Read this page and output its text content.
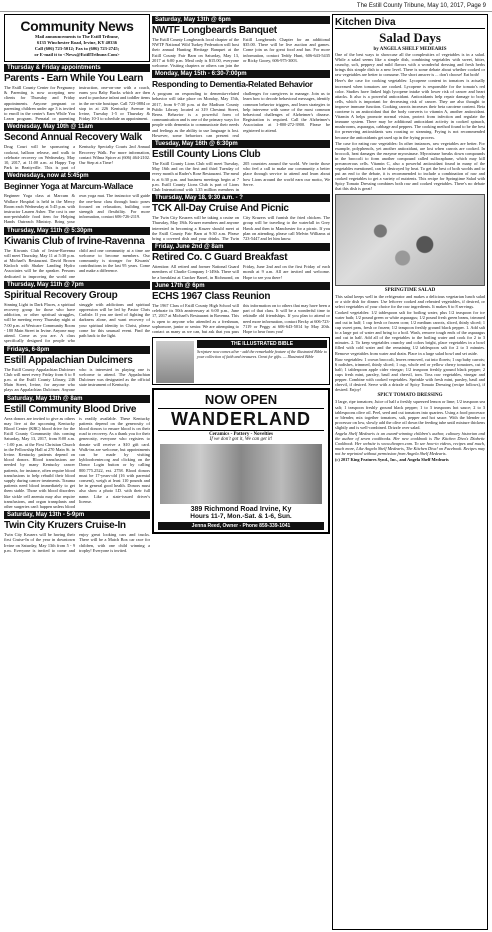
The Estill County Tribune, May 10, 2017, Page 9
Community News

Mail announcements to The Estill Tribune,

6135 Winchester Road, Irvine, KY 40336

Call (606) 723-5012; Fax to (606) 723-2745;

or E-mail it to <News@EstillTribune.Com>

Thursday & Friday appointments
Parents - Earn While You Learn
The Estill County Center for Pregnancy & Parenting is now accepting new clients for Thursday and Friday appointments. Anyone pregnant or parenting children under age 3 is invited to enroll in the center's Earn While You Learn program. Prenatal or parenting instruction, one-on-one with a coach, earns you Baby Bucks which are then used to purchase infant and toddler items in the on-site boutique. Call 723-0884 or stop in at 226 Kentucky Avenue in Irvine, Tuesday 1-5 or Thursday & Friday 10-3 to schedule an appointment.
Wednesday, May 10th @ 11am
Second Annual Recovery Walk
Drug Court will be sponsoring a cookout, balloon release, and walk to celebrate recovery on Wednesday, May 10, 2017, at 11:00 a.m. at Happy Top Park in Beattyville. This is part of Kentucky Specialty Courts 2nd Annual Recovery Walk. For more information, contact Wilma Spicer at (606) 464-2102. Our Step at a Time!
Wednesdays, now at 5:45pm
Beginner Yoga at Marcum-Wallace
Beginner Yoga class at Marcum & Wallace Hospital is held in the Mercy Room each Wednesday at 5:45 p.m. with instructor Lauren Asher. The cost is one non-perishable food item for Helping Hands Outreach Ministry. Bring your own yoga mat. The instructor will guide the one-hour class through basic poses focused on relaxation, building core strength and flexibility. For more information, contact 606-726-2119.
Thursday, May 11th @ 5:30pm
Kiwanis Club of Irvine-Ravenna
The Kiwanis Club of Irvine-Ravenna will meet Thursday, May 11 at 5:30 p.m. at Michael's Restaurant. David Brown Kinloch with Shaker Landing Hydro Associates will be the speaker. Persons dedicated to improving the world one child and one community at a time are welcome to become members. Our community is stronger for Kiwanis' contributions in the last 95 years. Come and make a difference.
Thursday, May 11th @ 7pm
Spiritual Recovery Group
Sinning Light in Dark Places, a spiritual recovery group for those who have addiction, or other spiritual struggles, will be meeting every Thursday night at 7:00 p.m. at Westcare Community Room - 180 Main Street in Irvine. Anyone may attend. Come as you are. A class specifically designed for people who struggle with addictions and spiritual oppression will be led by Pastor Chris Carlisle. If you are tired of fighting the darkness alone, and want recovery of your spiritual identity in Christ, please come for this unusual event. Find the path back to the light.
Fridays, 6-8pm
Estill Appalachian Dulcimers
The Estill County Appalachian Dulcimer Club will meet every Friday from 6 to 8 p.m. at the Estill County Library, 246 Main Street, Irvine, for anyone who plays an Appalachian Dulcimer. Anyone who is interested in playing one is welcome to attend. The Appalachian Dulcimer was designated as the official state instrument of Kentucky.
Saturday, May 13th @ 8am
Estill Community Blood Drive
Area donors are invited to give as others may live at the upcoming Kentucky Blood Center (KBC) blood drive for the Estill County Community this coming Saturday, May 13, 2017, from 8:00 a.m. - 1:00 p.m. at the First Christian Church in the Fellowship Hall at 270 Main St. in Irvine. Kentucky patients depend on blood donors. Blood transfusions are needed by many Kentucky cancer patients, for instance, often require blood transfusions to help rebuild their blood supply during cancer treatments. Trauma patients need blood immediately to get them stable. Those with blood disorders like sickle cell anemia may also require transfusions, and organ transplants and other surgeries can't happen unless blood is readily available. These Kentucky patients depend on the generosity of blood donors to ensure blood is on their road to recovery. As a thank you for their generosity, everyone who registers to donate will receive a $10 gift card. Walk-ins are welcome, but appointments can be made by visiting kybloodcenter.org and clicking on the Donor Login button or by calling 800.775.2522, ext. 2758. Blood donors must be 17-years-old (16 with parental consent), weigh at least 110 pounds and be in general good health. Donors must also show a photo I.D. with their full name. Like a state-issued driver's license.
Saturday, May 13th - 5-9pm
Twin City Kruzers Cruise-In
Twin City Kruzers will be having their first Cruise-In of the year in downtown Irvine on Saturday, May 13th from 5 - 9 p.m. Everyone is invited to come and enjoy great looking cars and trucks. There will be a Match Box car race for children, with one child winning a trophy! Everyone is invited.
Saturday, May 13th @ 6pm
NWTF Longbeards Banquet
The Estill County Longbeards local chapter of the NWTF National Wild Turkey Federation will host their annual Hunting Heritage Banquet at the Estill County Fair Barn on Saturday, May 13, 2017 at 6:00 p.m. Meal only is $15.00, everyone welcome. Visiting chapters or others can join the Estill Longbeards Chapter for an additional $35.00. There will be live auction and games. Come join us for great food and fun. For more information, contact Teddy Hunt, 606-643-5435 or Ricky Gooey, 606-975-3003.
Monday, May 15th - 6:30-7:00pm
Responding to Dementia-Related Behavior
A program on responding to dementia-related behavior will take place on Monday, May 15th, 2017, from 6-7:30 p.m. at the Madison County Public Library located at 319 Chestnut Street, Berea. Behavior is a powerful form of communication and is one of the primary ways for people with dementia to communicate their needs and feelings as the ability to use language is lost. However, some behaviors can present real challenges for caregivers to manage. Join us to learn how to decode behavioral messages, identify common behavior triggers, and learn strategies to help intervene with some of the most common behavioral challenges of Alzheimer's disease. Registration is required. Call the Alzheimer's Association at 1-800-272-3900. Please be registered to attend.
Tuesday, May 16th @ 6:30pm
Estill County Lions Club
The Estill County Lions Club will meet Tuesday, May 16th and on the first and third Tuesday of every month at Rader's Rose Restaurant. The meal is at 6:30 p.m. and business meetings begin at 7 p.m. Estill County Lions Club is part of Lions Club International with 1.35 million members in 205 countries around the world. We invite those who feel a call to make our community a better place through service to attend and learn about how Lions around the world earn our motto, We Serve.
Thursday, May 18, 9:30 a.m. - ?
TCK All-Day Cruise And Picnic
The Twin City Kruzers will be taking a cruise on Thursday, May 18th. Kruzer members and anyone interested in becoming a Kruzer should meet at the Estill County Fair Barn at 9:30 a.m. Please bring a covered dish and your drinks. The Twin City Kruzers will furnish the fried chicken. The group will be traveling to the waterfall in Grey Hawk and then to Manchester for a picnic. If you plan on attending, please call Melvin Williams at 723-5447 and let him know.
Friday, June 2nd @ 8am
Retired Co. C Guard Breakfast
Attention: All retired and former National Guard members of Charlie Company 1-149th. There will be a breakfast at Cracker Barrel, in Richmond, on Friday, June 2nd and on the first Friday of each month at 9 a.m. All are invited and welcome. Hope to see you there!
June 17th @ 6pm
ECHS 1967 Class Reunion
The 1967 Class of Estill County High School will celebrate its 50th anniversary at 6:00 p.m., June 17, 2017 at Michael's Restaurant in Ravenna. This is open to anyone who attended as a freshman, sophomore, junior or senior. We are attempting to contact as many as we can, but ask that you pass this information on to others that may have been a part of that class. It will be a wonderful time to rekindle old friendships. If you plan to attend or need more information, contact Becky at 606-723-7119 or Peggy at 606-643-5014 by May 20th. Hope to hear from you!
THE ILLUSTRATED BIBLE
Scripture now comes alive - add the remarkable feature of the illustrated Bible to your collection of faith and treasures. Great for gifts. — Illustrated Bible
NOW OPEN
WANDERLAND
Ceramics - Pottery - Novelties
If we don't got it, We can get it!
389 Richmond Road Irvine, Ky
Hours 11-7, Mon.-Sat. & 1-6, Sun.
Jenna Reed, Owner - Phone 859-339-1041
Kitchen Diva
Salad Days
by ANGELA SHELF MEDEARIS

One of the best ways to showcase all the complexities of vegetables is in a salad. While a salad seems like a simple dish, combining vegetables with sweet, bitter, crunchy, soft, peppery and mild flavors with a wonderful dressing and fresh herbs brings this simple dish to a new level. There is some debate about whether cooked or raw vegetables are better to consume. The short answer is ... don't choose! Eat both!

Here's the case for cooking vegetables: Lycopene content in tomatoes is actually increased when tomatoes are cooked. Lycopene is responsible for the tomato's red color. Studies have linked high lycopene intake with lower risk of cancer and heart attacks. It also is a powerful antioxidant. Antioxidants help repair damage to body cells, which is important for decreasing risk of cancer. They are also thought to improve immune function. Cooking carrots increases their beta carotene content. Beta carotene is an antioxidant that the body converts to vitamin A, another antioxidant. Vitamin A helps promote normal vision, protect from infection and regulate the immune system. There may be additional antioxidant activity in cooked spinach, mushrooms, asparagus, cabbage and peppers. The cooking method found to be the best for preserving antioxidants was roasting or steaming. Frying is not recommended because the antioxidants get used up in the frying process.

The case for eating raw vegetables: In other instances, raw vegetables are better. For example, polyphenols, yet another antioxidant, are lost when carrots are cooked. In broccoli, heat damages the enzyme myrosinase. Myrosinase breaks down compounds in the broccoli to form another compound called sulforaphane, which may kill precancerous cells. Vitamin C, also a powerful antioxidant found in many of the vegetables mentioned, can be destroyed by heat. To get the best of both worlds and to put an end to the debate, it is recommended to include a combination of raw and cooked vegetables to get a variety of nutrients. This recipe for Springtime Salad with Spicy Tomato Dressing combines both raw and cooked vegetables. There's no debate that this dish is great!

SPRINGTIME SALAD

This salad keeps well in the refrigerator and makes a delicious vegetarian lunch salad or a side dish for dinner. Use leftover cooked and reheated vegetables, if desired, or select vegetables of your choice for the raw ingredients. It makes 6 to 8 servings.

Cooked vegetables: 1/2 tablespoon salt for boiling water, plus 1/2 teaspoon for ice water bath; 1/2 pound green or white asparagus; 1/2 pound fresh green beans, trimmed and cut in half; 1 cup fresh or frozen corn; 1/2 medium carrots, sliced, thinly sliced; 1 cup sweet peas, fresh or frozen; 1/2 teaspoon freshly ground black pepper. 1. Add salt to a large pot of water and bring to a boil. Wash, remove tough ends of the asparagus and cut in half. Add all of the vegetables to the boiling water and cook for 2 to 3 minutes. 2. To keep vegetables crunchy and colors bright, place vegetables in a bowl filled with cold water and the remaining 1/2 tablespoon salt for 2 to 3 minutes. Remove vegetables from water and drain. Place in a large salad bowl and set aside.

Raw vegetables: 1 crown broccoli, leaves removed, cut into florets; 1 cup baby carrots; 6 radishes, trimmed, thinly sliced; 1 cup, whole red or yellow cherry tomatoes, cut in half; 1 tablespoon apple cider vinegar; 1/2 teaspoon freshly ground black pepper; 2 cups fresh mint, parsley, basil and chervil, torn. Toss raw vegetables, vinegar and pepper. Combine with cooked vegetables. Sprinkle with fresh mint, parsley, basil and chervil, if desired. Serve with a drizzle of Spicy Tomato Dressing (recipe follows), if desired. Enjoy!

SPICY TOMATO DRESSING

3 large, ripe tomatoes; Juice of half a freshly squeezed lemon or lime; 1/2 teaspoon sea salt; 1 teaspoon freshly ground black pepper; 1 to 3 teaspoons hot sauce; 2 to 3 tablespoons olive oil. Peel, seed and cut tomatoes into quarters. Using a food processor or blender, mix together tomatoes, salt, pepper and hot sauce. With the blender or processor on low, slowly add the olive oil down the feeding tube until mixture thickens slightly and is well-combined. Drizzle over salad.

Angela Shelf Medearis is an award-winning children's author, culinary historian and the author of seven cookbooks. Her new cookbook is The Kitchen Diva's Diabetic Cookbook. Her website is www.divapro.com. To see how-to videos, recipes and much, much more, Like Angela Shelf Medearis, The Kitchen Diva! on Facebook. Recipes may not be reprinted without permission from Angela Shelf Medearis.

(c) 2017 King Features Synd., Inc., and Angela Shelf Medearis
